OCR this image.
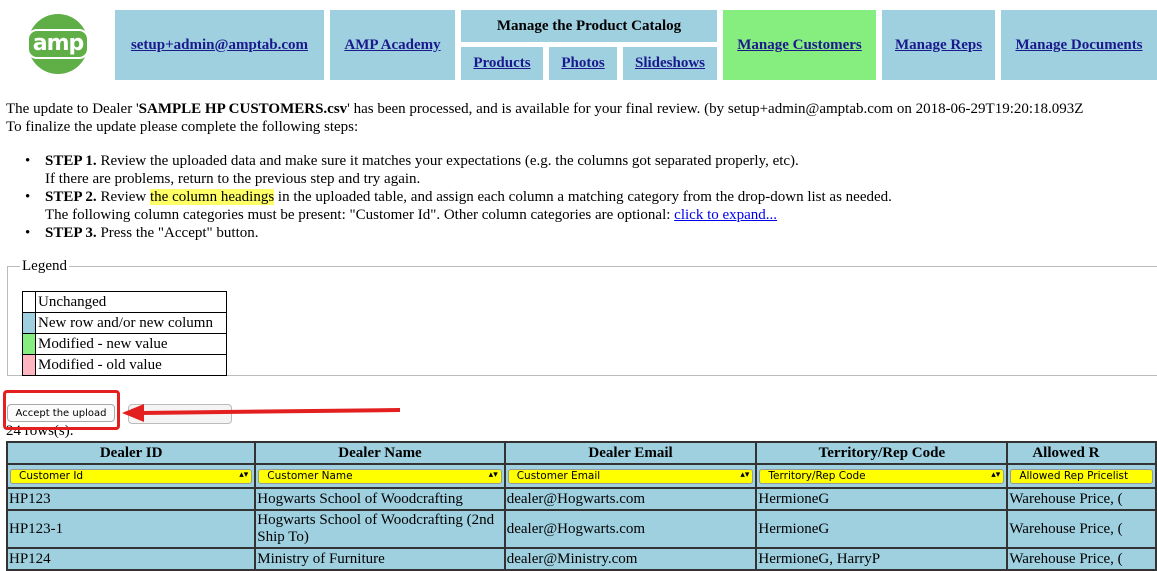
amp	setup+admin@amptab.com AMP Academy
Manage the Product Catalog
Products Photos Slideshows
Manage Customers Manage Reps Manage Documents
The update to Dealer 'SAMPLE HP CUSTOMERS.csv' has been processed, and is available for your final review. (by setup+admin@amptab.com on 2018-06-29T19:20:18.093Z
To finalize the update please complete the following steps:
• STEP 1. Review the uploaded data and make sure it matches your expectations (e.g. the columns got separated properly, etc).
If there are problems, return to the previous step and try again.
• STEP 2. Review the column headings in the uploaded table, and assign each column a matching category from the drop-down list as needed.
The following column categories must be present: "Customer Id". Other column categories are optional: click to expand...
• STEP 3. Press the "Accept" button.
Legend
	Unchanged
	New row and/or new column
	Modified - new value
	Modified - old value
24 rows(s).
Accept the upload
Dealer ID	Dealer Name	Dealer Email	Territory/Rep Code	Allowed R

Customer Id ▴▾	Customer Name ▴▾	Customer Email ▴▾	Territory/Rep Code ▴▾	Allowed Rep Pricelist

HP123	Hogwarts School of Woodcrafting	dealer@Hogwarts.com	HermioneG	Warehouse Price, (
HP123-1	Hogwarts School of Woodcrafting (2nd Ship To)	dealer@Hogwarts.com	HermioneG	Warehouse Price, (
HP124	Ministry of Furniture	dealer@Ministry.com	HermioneG, HarryP	Warehouse Price, (
